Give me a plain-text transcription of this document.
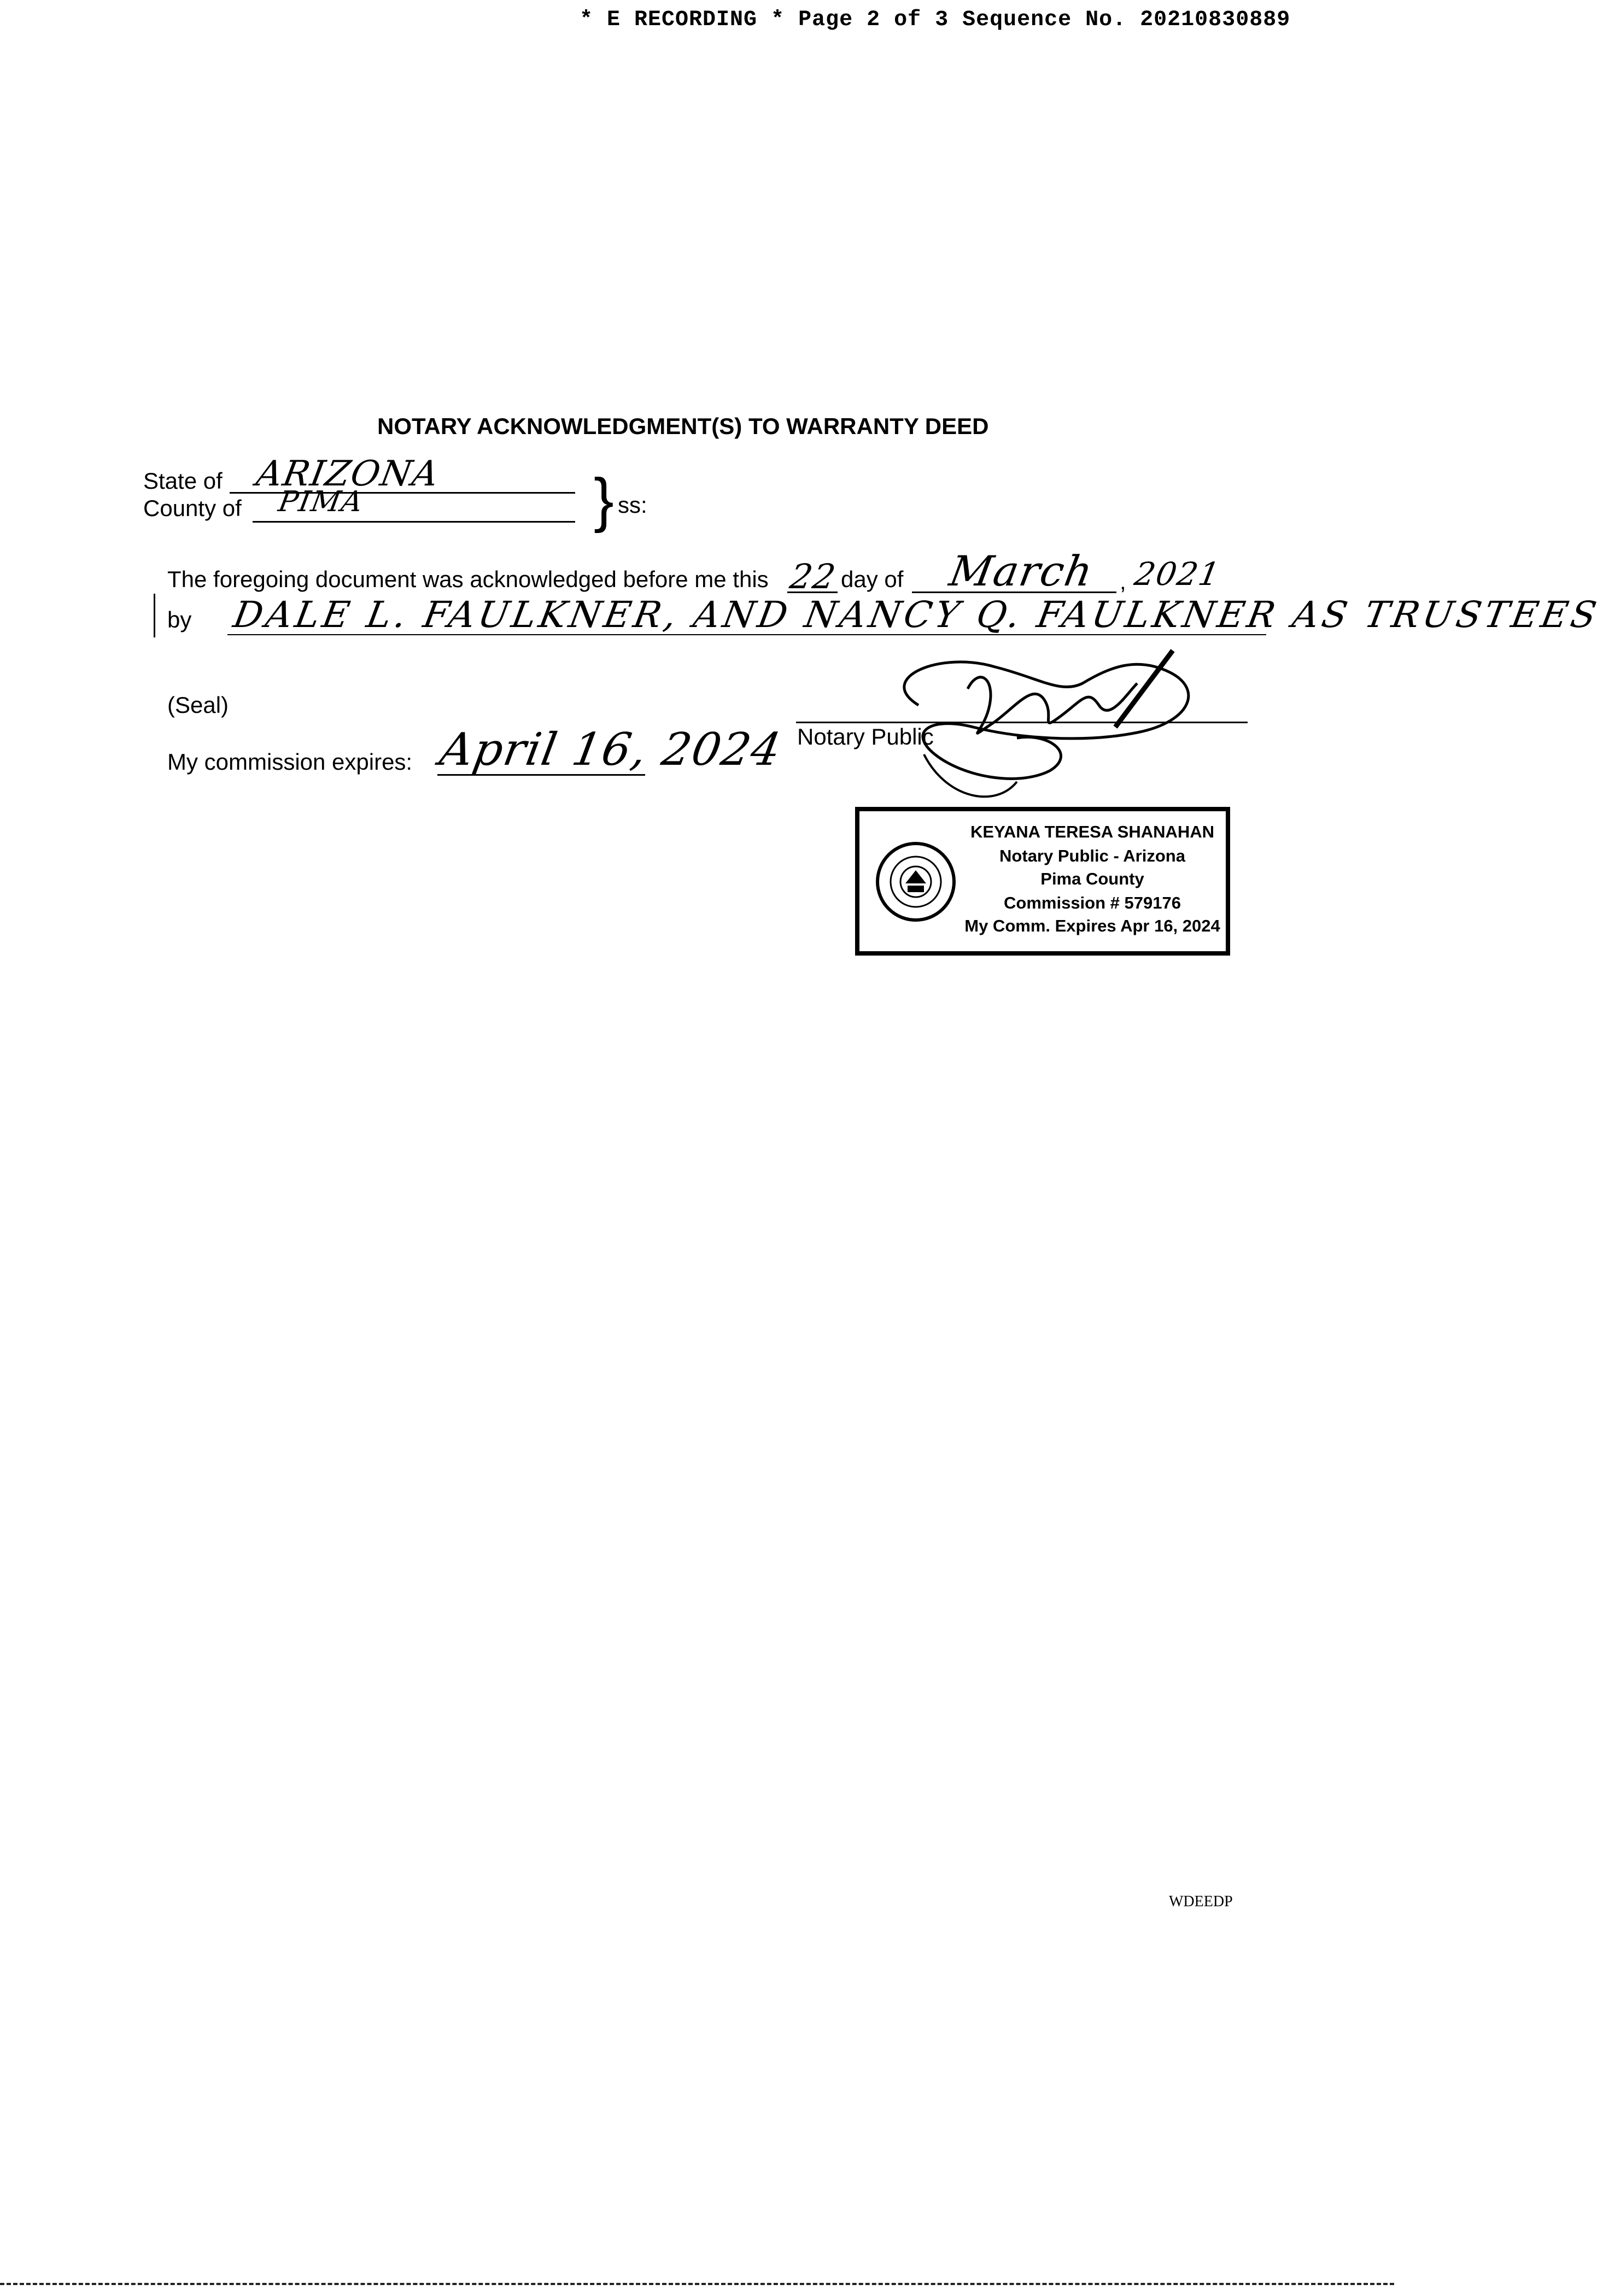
* E RECORDING * Page 2 of 3 Sequence No. 20210830889
NOTARY ACKNOWLEDGMENT(S) TO WARRANTY DEED
State of ARIZONA
County of PIMA	} ss:
The foregoing document was acknowledged before me this 22 day of March , 2021
by DALE L. FAULKNER, AND NANCY Q. FAULKNER AS TRUSTEES
(Seal)
My commission expires: April 16, 2024 Notary Public
KEYANA TERESA SHANAHAN
Notary Public - Arizona
Pima County
Commission # 579176
My Comm. Expires Apr 16, 2024
WDEEDP
